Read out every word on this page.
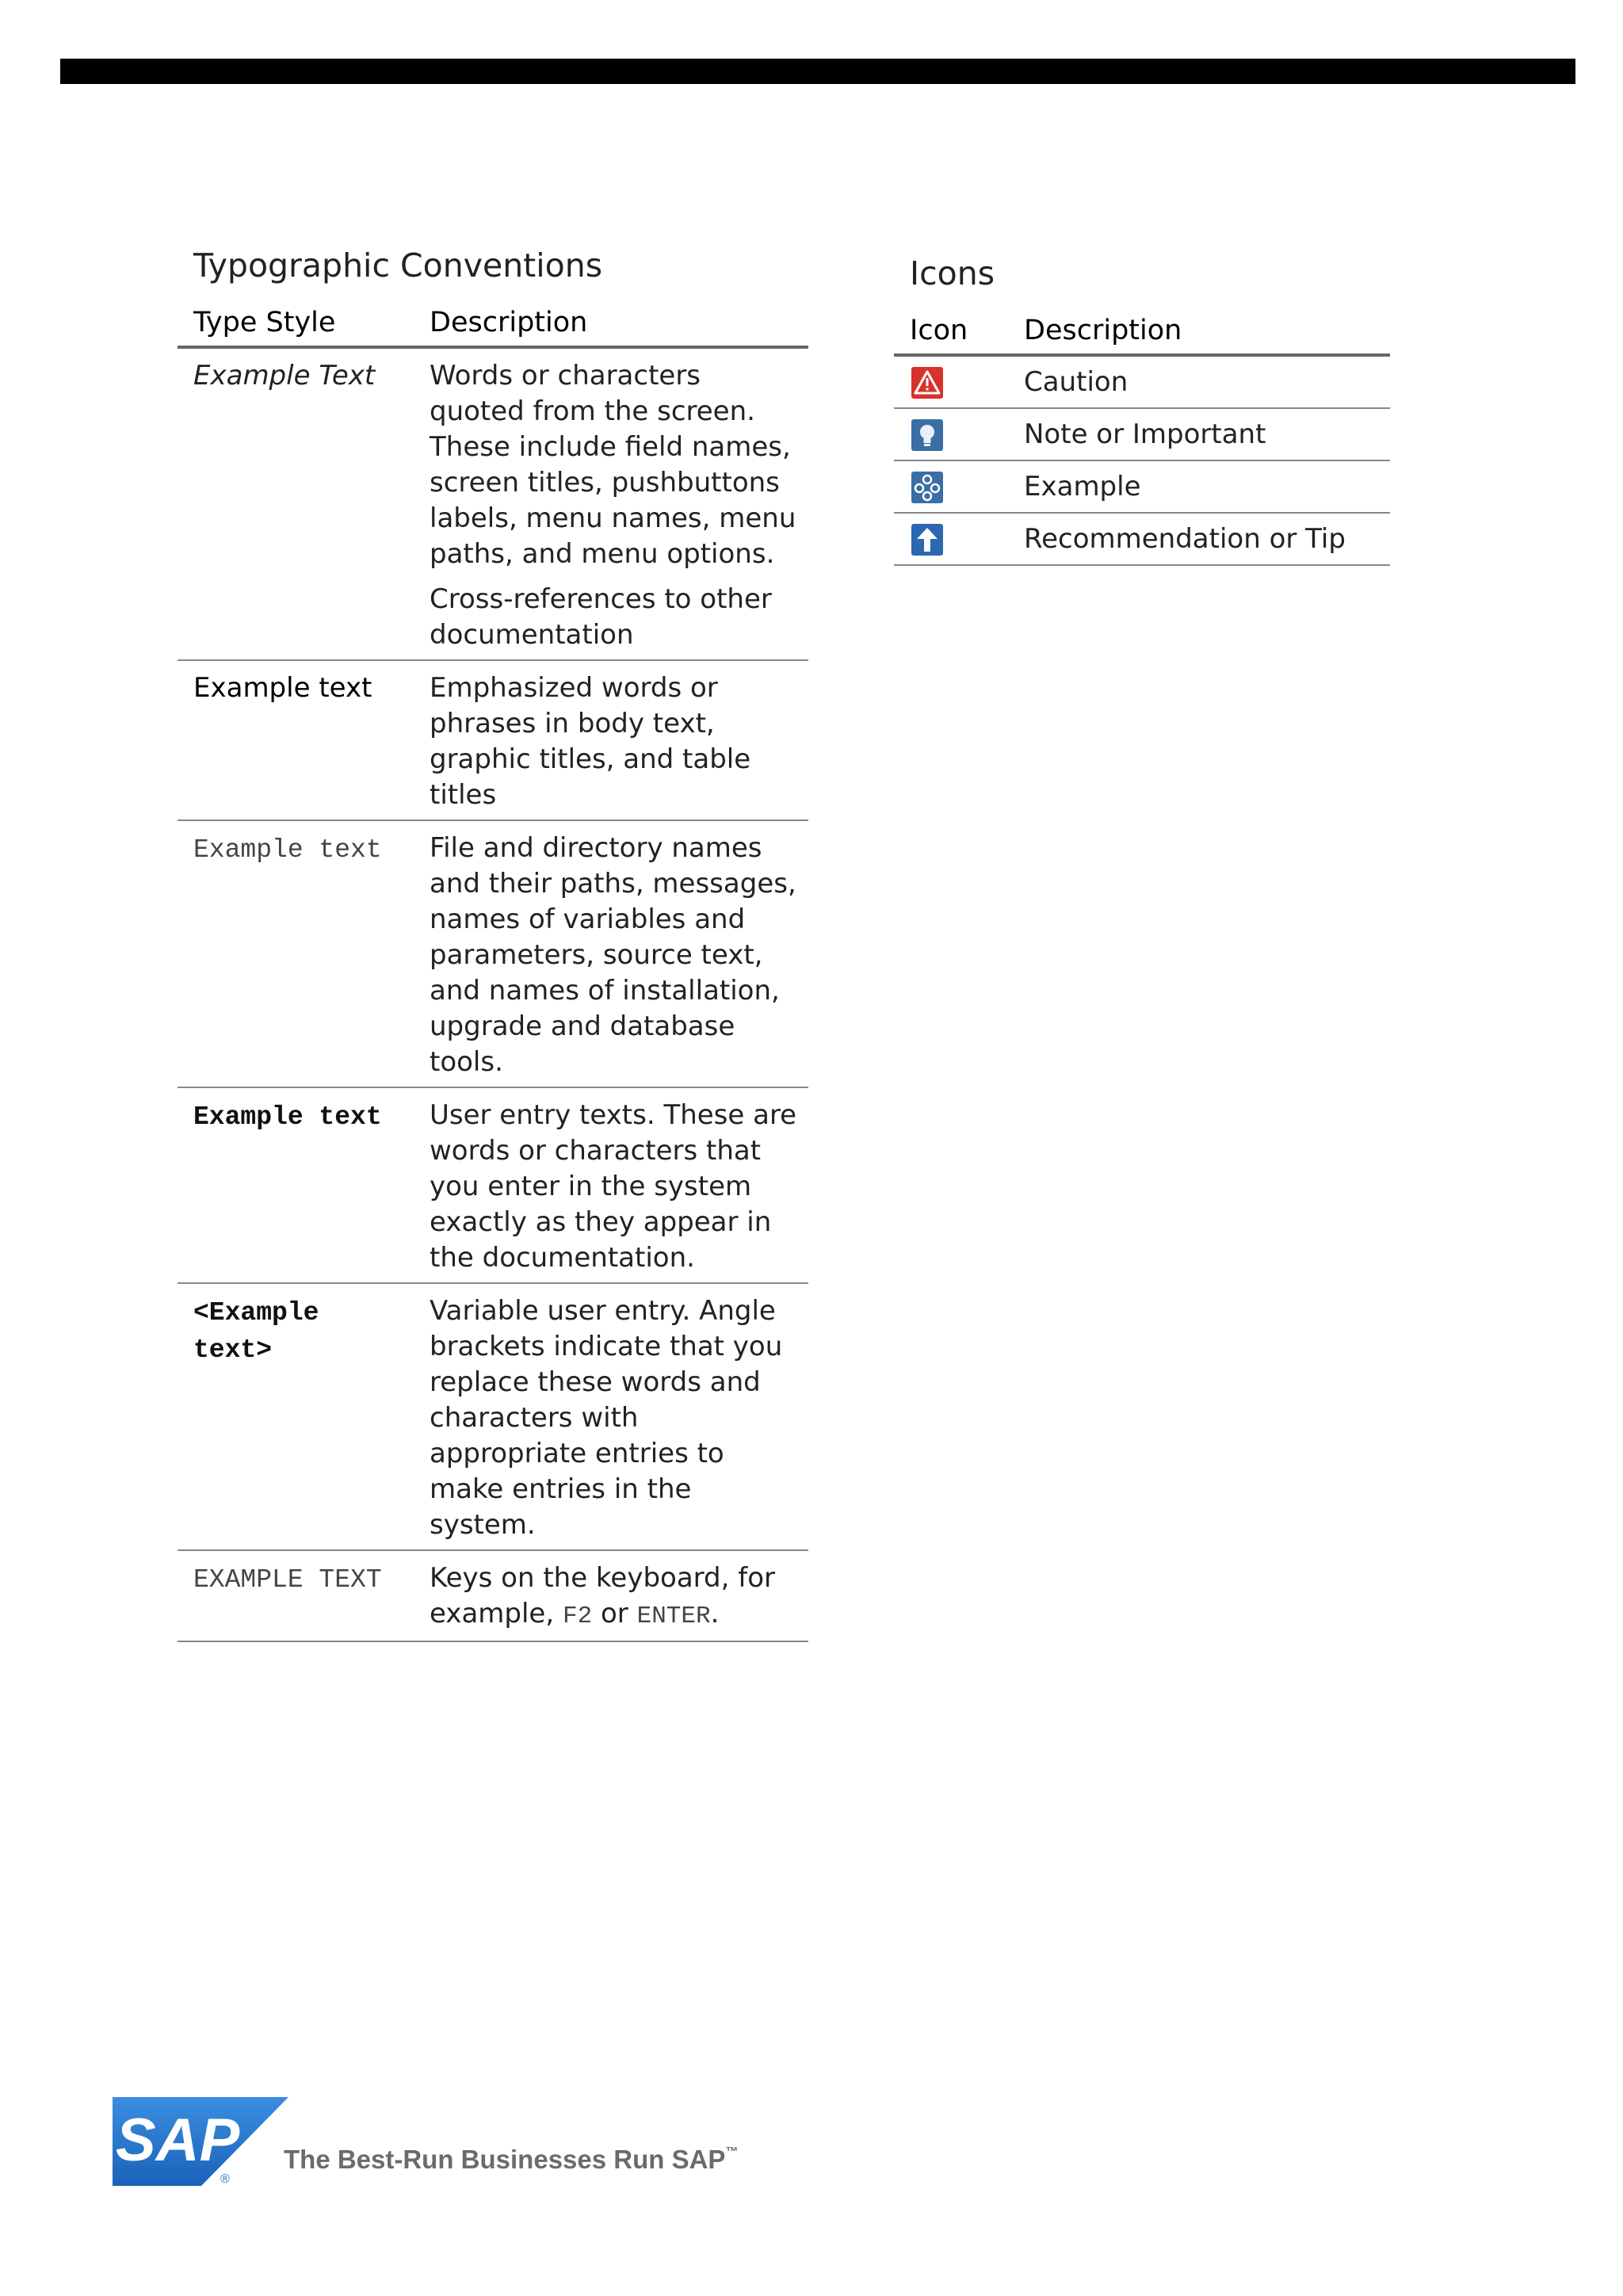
Typographic Conventions
Type Style	Description
Example Text	Words or characters quoted from the screen. These include field names, screen titles, pushbuttons labels, menu names, menu paths, and menu options.

Cross-references to other documentation

Example text	Emphasized words or phrases in body text, graphic titles, and table titles

Example text	File and directory names and their paths, messages, names of variables and parameters, source text, and names of installation, upgrade and database tools.

Example text	User entry texts. These are words or characters that you enter in the system exactly as they appear in the documentation.

<Example
text>	Variable user entry. Angle brackets indicate that you replace these words and characters with appropriate entries to make entries in the system.

EXAMPLE TEXT	Keys on the keyboard, for example, F2 or ENTER.

Icons
Icon	Description

	Caution

	Note or Important

	Example

	Recommendation or Tip
SAP
®
The Best-Run Businesses Run SAP™
